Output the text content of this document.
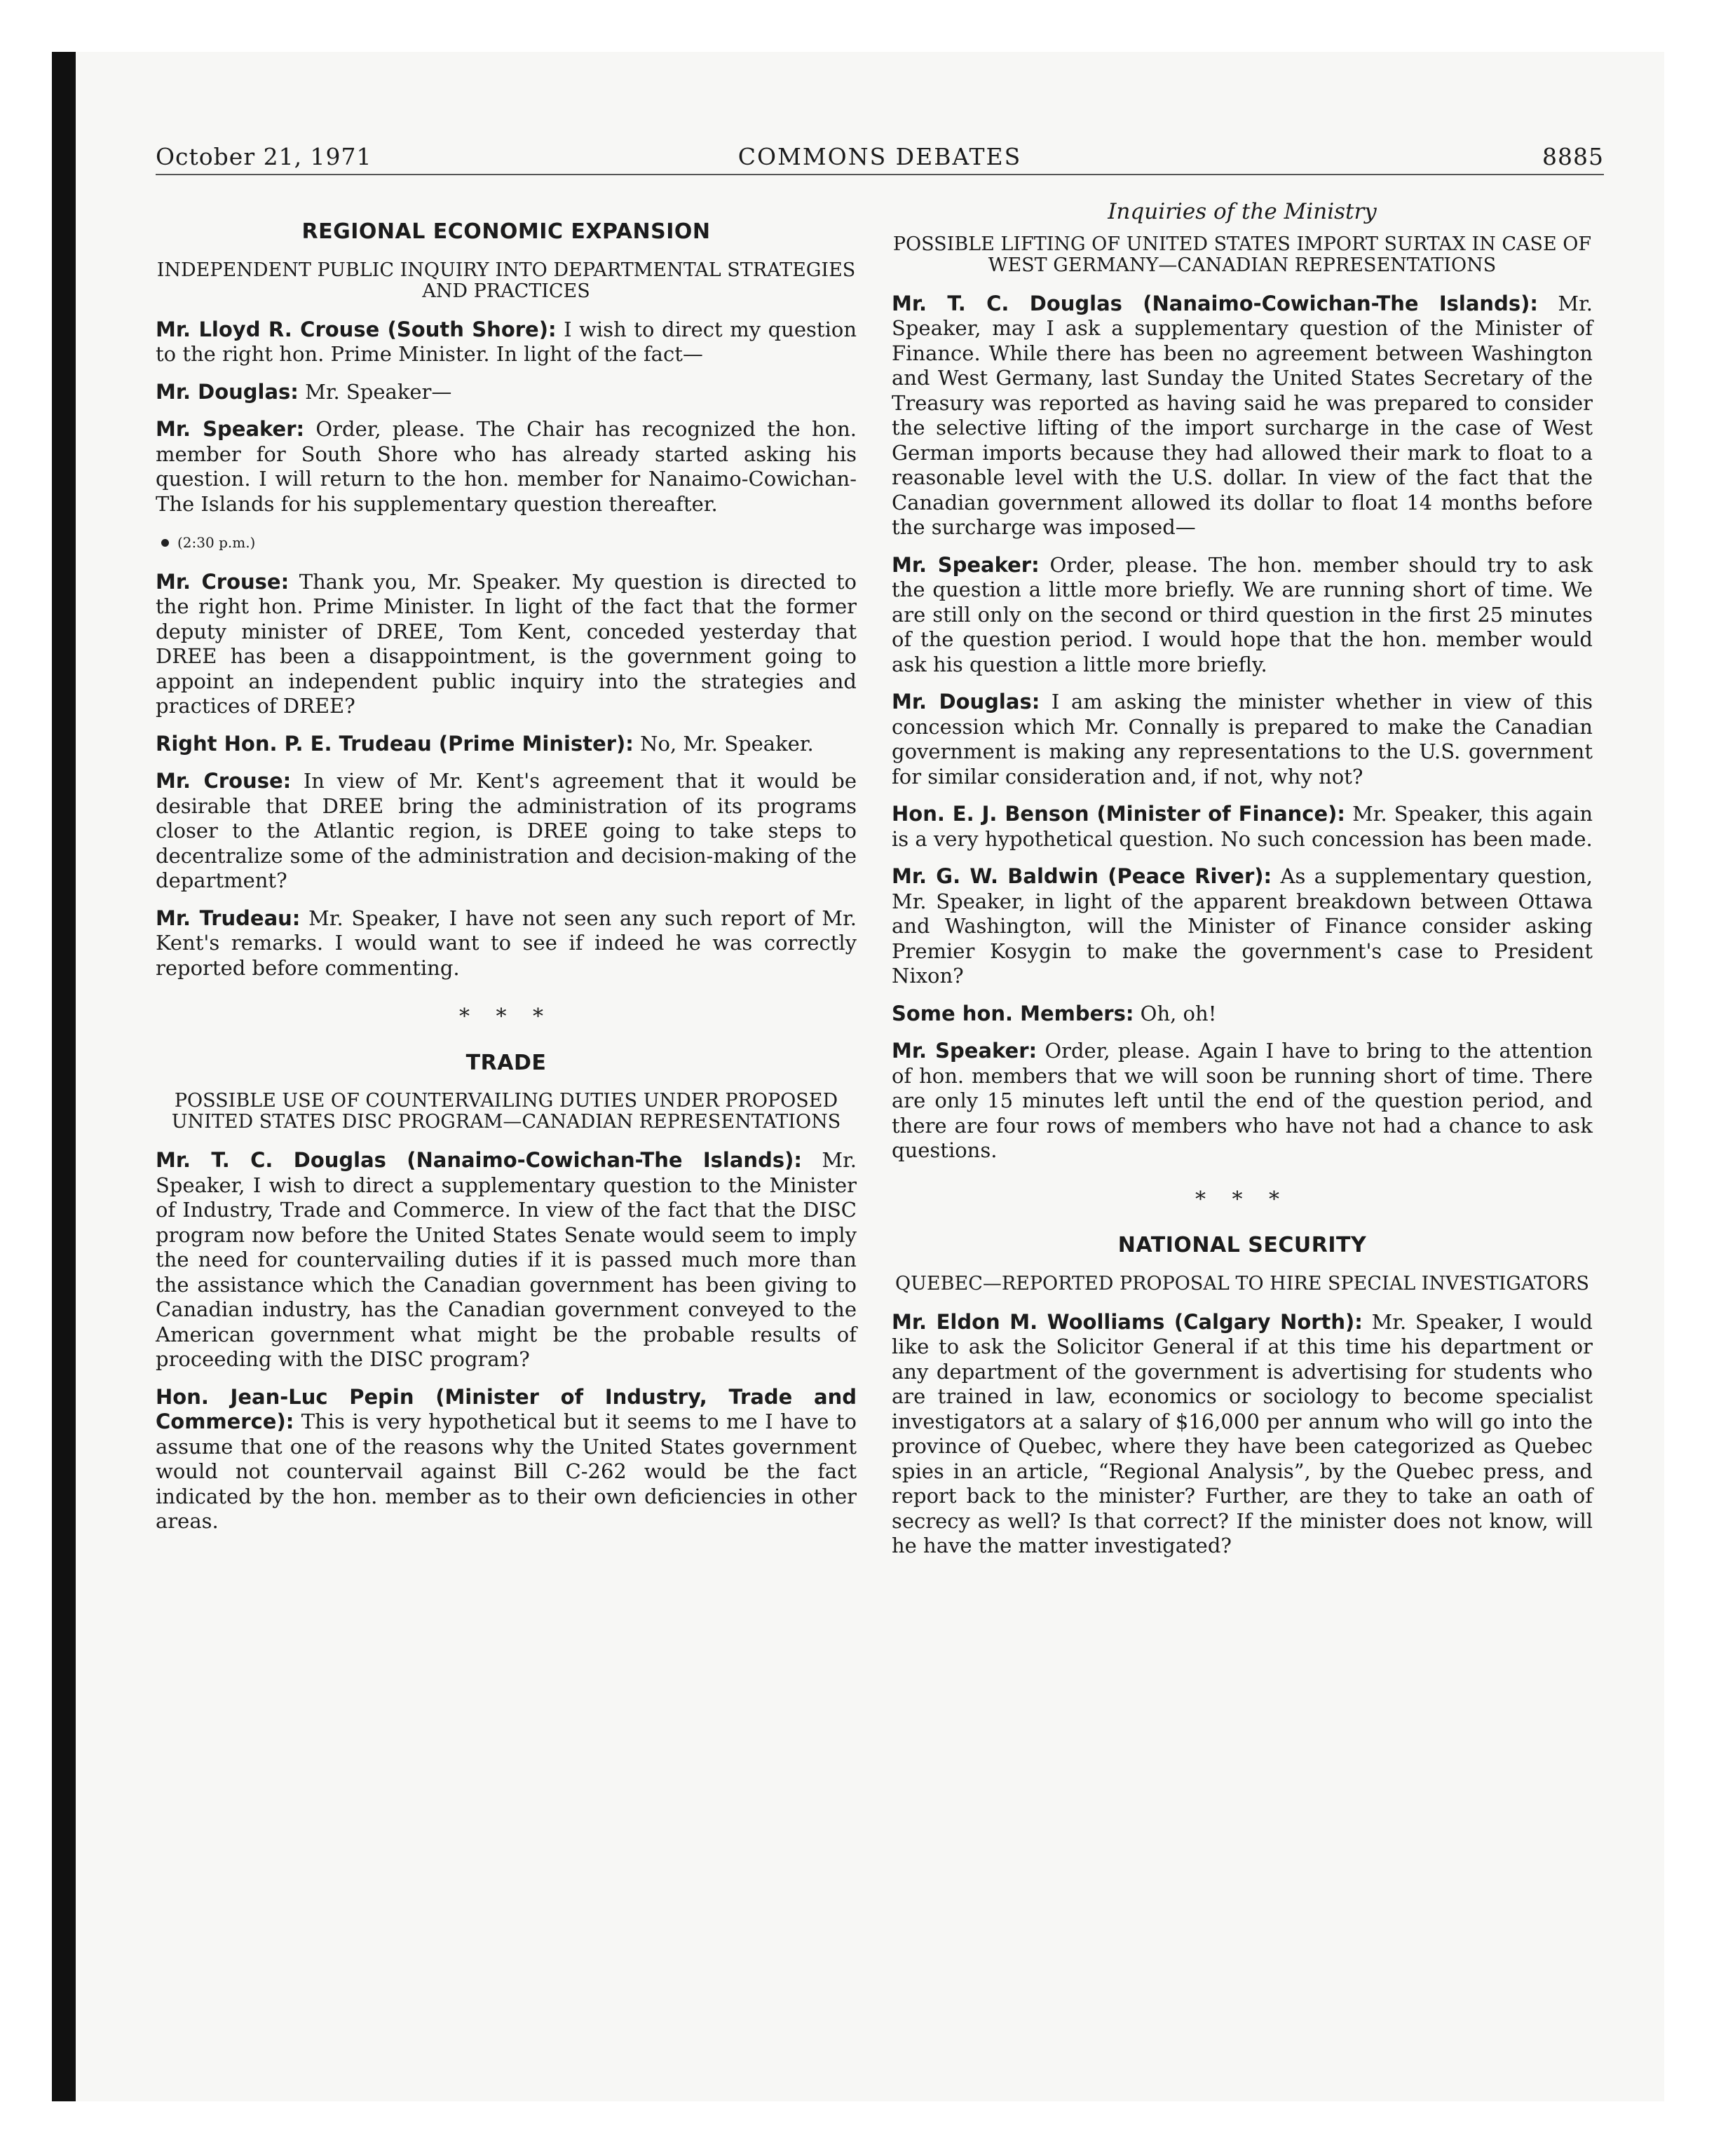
October 21, 1971	COMMONS DEBATES	8885
REGIONAL ECONOMIC EXPANSION
INDEPENDENT PUBLIC INQUIRY INTO DEPARTMENTAL STRATEGIES AND PRACTICES

Mr. Lloyd R. Crouse (South Shore): I wish to direct my question to the right hon. Prime Minister. In light of the fact—

Mr. Douglas: Mr. Speaker—

Mr. Speaker: Order, please. The Chair has recognized the hon. member for South Shore who has already started asking his question. I will return to the hon. member for Nanaimo-Cowichan-The Islands for his supplementary question thereafter.

(2:30 p.m.)

Mr. Crouse: Thank you, Mr. Speaker. My question is directed to the right hon. Prime Minister. In light of the fact that the former deputy minister of DREE, Tom Kent, conceded yesterday that DREE has been a disappointment, is the government going to appoint an independent public inquiry into the strategies and practices of DREE?

Right Hon. P. E. Trudeau (Prime Minister): No, Mr. Speaker.

Mr. Crouse: In view of Mr. Kent's agreement that it would be desirable that DREE bring the administration of its programs closer to the Atlantic region, is DREE going to take steps to decentralize some of the administration and decision-making of the department?

Mr. Trudeau: Mr. Speaker, I have not seen any such report of Mr. Kent's remarks. I would want to see if indeed he was correctly reported before commenting.

* * *
TRADE
POSSIBLE USE OF COUNTERVAILING DUTIES UNDER PROPOSED UNITED STATES DISC PROGRAM—CANADIAN REPRESENTATIONS

Mr. T. C. Douglas (Nanaimo-Cowichan-The Islands): Mr. Speaker, I wish to direct a supplementary question to the Minister of Industry, Trade and Commerce. In view of the fact that the DISC program now before the United States Senate would seem to imply the need for countervailing duties if it is passed much more than the assistance which the Canadian government has been giving to Canadian industry, has the Canadian government conveyed to the American government what might be the probable results of proceeding with the DISC program?

Hon. Jean-Luc Pepin (Minister of Industry, Trade and Commerce): This is very hypothetical but it seems to me I have to assume that one of the reasons why the United States government would not countervail against Bill C-262 would be the fact indicated by the hon. member as to their own deficiencies in other areas.

Inquiries of the Ministry
POSSIBLE LIFTING OF UNITED STATES IMPORT SURTAX IN CASE OF WEST GERMANY—CANADIAN REPRESENTATIONS

Mr. T. C. Douglas (Nanaimo-Cowichan-The Islands): Mr. Speaker, may I ask a supplementary question of the Minister of Finance. While there has been no agreement between Washington and West Germany, last Sunday the United States Secretary of the Treasury was reported as having said he was prepared to consider the selective lifting of the import surcharge in the case of West German imports because they had allowed their mark to float to a reasonable level with the U.S. dollar. In view of the fact that the Canadian government allowed its dollar to float 14 months before the surcharge was imposed—

Mr. Speaker: Order, please. The hon. member should try to ask the question a little more briefly. We are running short of time. We are still only on the second or third question in the first 25 minutes of the question period. I would hope that the hon. member would ask his question a little more briefly.

Mr. Douglas: I am asking the minister whether in view of this concession which Mr. Connally is prepared to make the Canadian government is making any representations to the U.S. government for similar consideration and, if not, why not?

Hon. E. J. Benson (Minister of Finance): Mr. Speaker, this again is a very hypothetical question. No such concession has been made.

Mr. G. W. Baldwin (Peace River): As a supplementary question, Mr. Speaker, in light of the apparent breakdown between Ottawa and Washington, will the Minister of Finance consider asking Premier Kosygin to make the government's case to President Nixon?

Some hon. Members: Oh, oh!

Mr. Speaker: Order, please. Again I have to bring to the attention of hon. members that we will soon be running short of time. There are only 15 minutes left until the end of the question period, and there are four rows of members who have not had a chance to ask questions.

* * *
NATIONAL SECURITY
QUEBEC—REPORTED PROPOSAL TO HIRE SPECIAL INVESTIGATORS

Mr. Eldon M. Woolliams (Calgary North): Mr. Speaker, I would like to ask the Solicitor General if at this time his department or any department of the government is advertising for students who are trained in law, economics or sociology to become specialist investigators at a salary of $16,000 per annum who will go into the province of Quebec, where they have been categorized as Quebec spies in an article, “Regional Analysis”, by the Quebec press, and report back to the minister? Further, are they to take an oath of secrecy as well? Is that correct? If the minister does not know, will he have the matter investigated?
